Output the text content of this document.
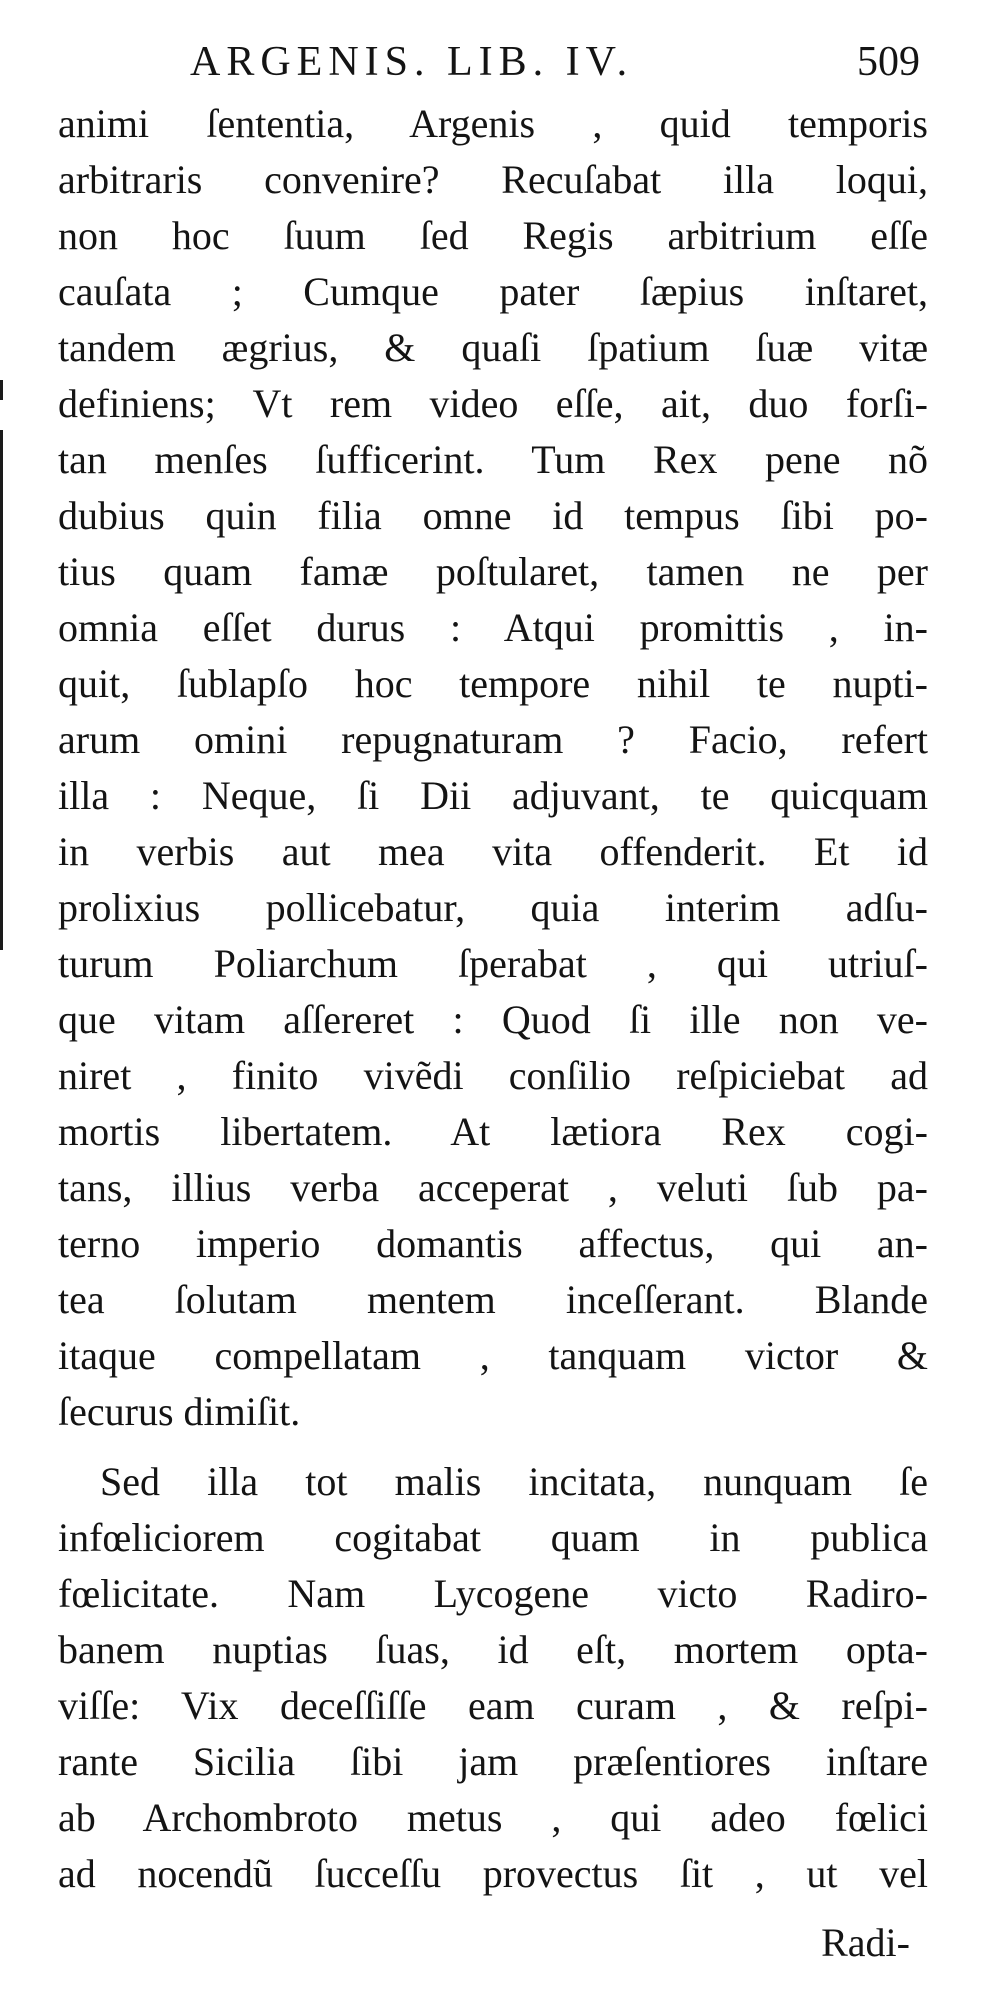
ARGENIS. LIB. IV.	509
animi ſententia, Argenis , quid temporis
arbitraris convenire? Recuſabat illa loqui,
non hoc ſuum ſed Regis arbitrium eſſe
cauſata ; Cumque pater ſæpius inſtaret,
tandem ægrius, & quaſi ſpatium ſuæ vitæ
definiens; Vt rem video eſſe, ait, duo forſi-
tan menſes ſufficerint. Tum Rex pene nõ
dubius quin filia omne id tempus ſibi po-
tius quam famæ poſtularet, tamen ne per
omnia eſſet durus : Atqui promittis , in-
quit, ſublapſo hoc tempore nihil te nupti-
arum omini repugnaturam ? Facio, refert
illa : Neque, ſi Dii adjuvant, te quicquam
in verbis aut mea vita offenderit. Et id
prolixius pollicebatur, quia interim adſu-
turum Poliarchum ſperabat , qui utriuſ-
que vitam aſſereret : Quod ſi ille non ve-
niret , finito vivẽdi conſilio reſpiciebat ad
mortis libertatem. At lætiora Rex cogi-
tans, illius verba acceperat , veluti ſub pa-
terno imperio domantis affectus, qui an-
tea ſolutam mentem inceſſerant. Blande
itaque compellatam , tanquam victor &
ſecurus dimiſit.
Sed illa tot malis incitata, nunquam ſe
infœliciorem cogitabat quam in publica
fœlicitate. Nam Lycogene victo Radiro-
banem nuptias ſuas, id eſt, mortem opta-
viſſe: Vix deceſſiſſe eam curam , & reſpi-
rante Sicilia ſibi jam præſentiores inſtare
ab Archombroto metus , qui adeo fœlici
ad nocendũ ſucceſſu provectus ſit , ut vel
Radi-
